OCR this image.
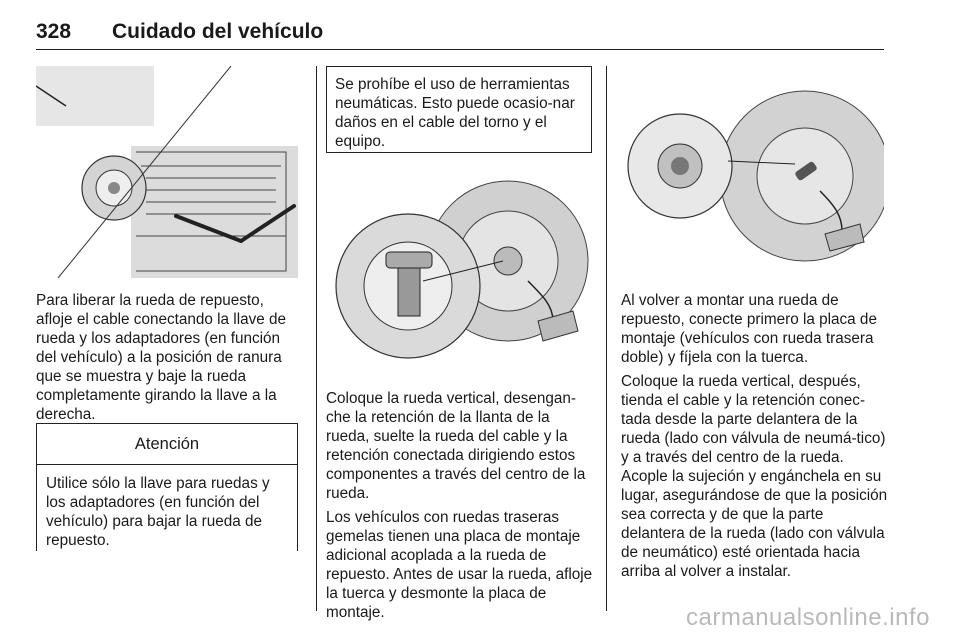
328 Cuidado del vehículo

Para liberar la rueda de repuesto, afloje el cable conectando la llave de rueda y los adaptadores (en función del vehículo) a la posición de ranura que se muestra y baje la rueda completamente girando la llave a la derecha.

Atención
Utilice sólo la llave para ruedas y los adaptadores (en función del vehículo) para bajar la rueda de repuesto.
Se prohíbe el uso de herramientas neumáticas. Esto puede ocasio-nar daños en el cable del torno y el equipo.

Coloque la rueda vertical, desengan-che la retención de la llanta de la rueda, suelte la rueda del cable y la retención conectada dirigiendo estos componentes a través del centro de la rueda.

Los vehículos con ruedas traseras gemelas tienen una placa de montaje adicional acoplada a la rueda de repuesto. Antes de usar la rueda, afloje la tuerca y desmonte la placa de montaje.

Al volver a montar una rueda de repuesto, conecte primero la placa de montaje (vehículos con rueda trasera doble) y fíjela con la tuerca.

Coloque la rueda vertical, después, tienda el cable y la retención conec-tada desde la parte delantera de la rueda (lado con válvula de neumá-tico) y a través del centro de la rueda. Acople la sujeción y engánchela en su lugar, asegurándose de que la posición sea correcta y de que la parte delantera de la rueda (lado con válvula de neumático) esté orientada hacia arriba al volver a instalar.

carmanualsonline.info
